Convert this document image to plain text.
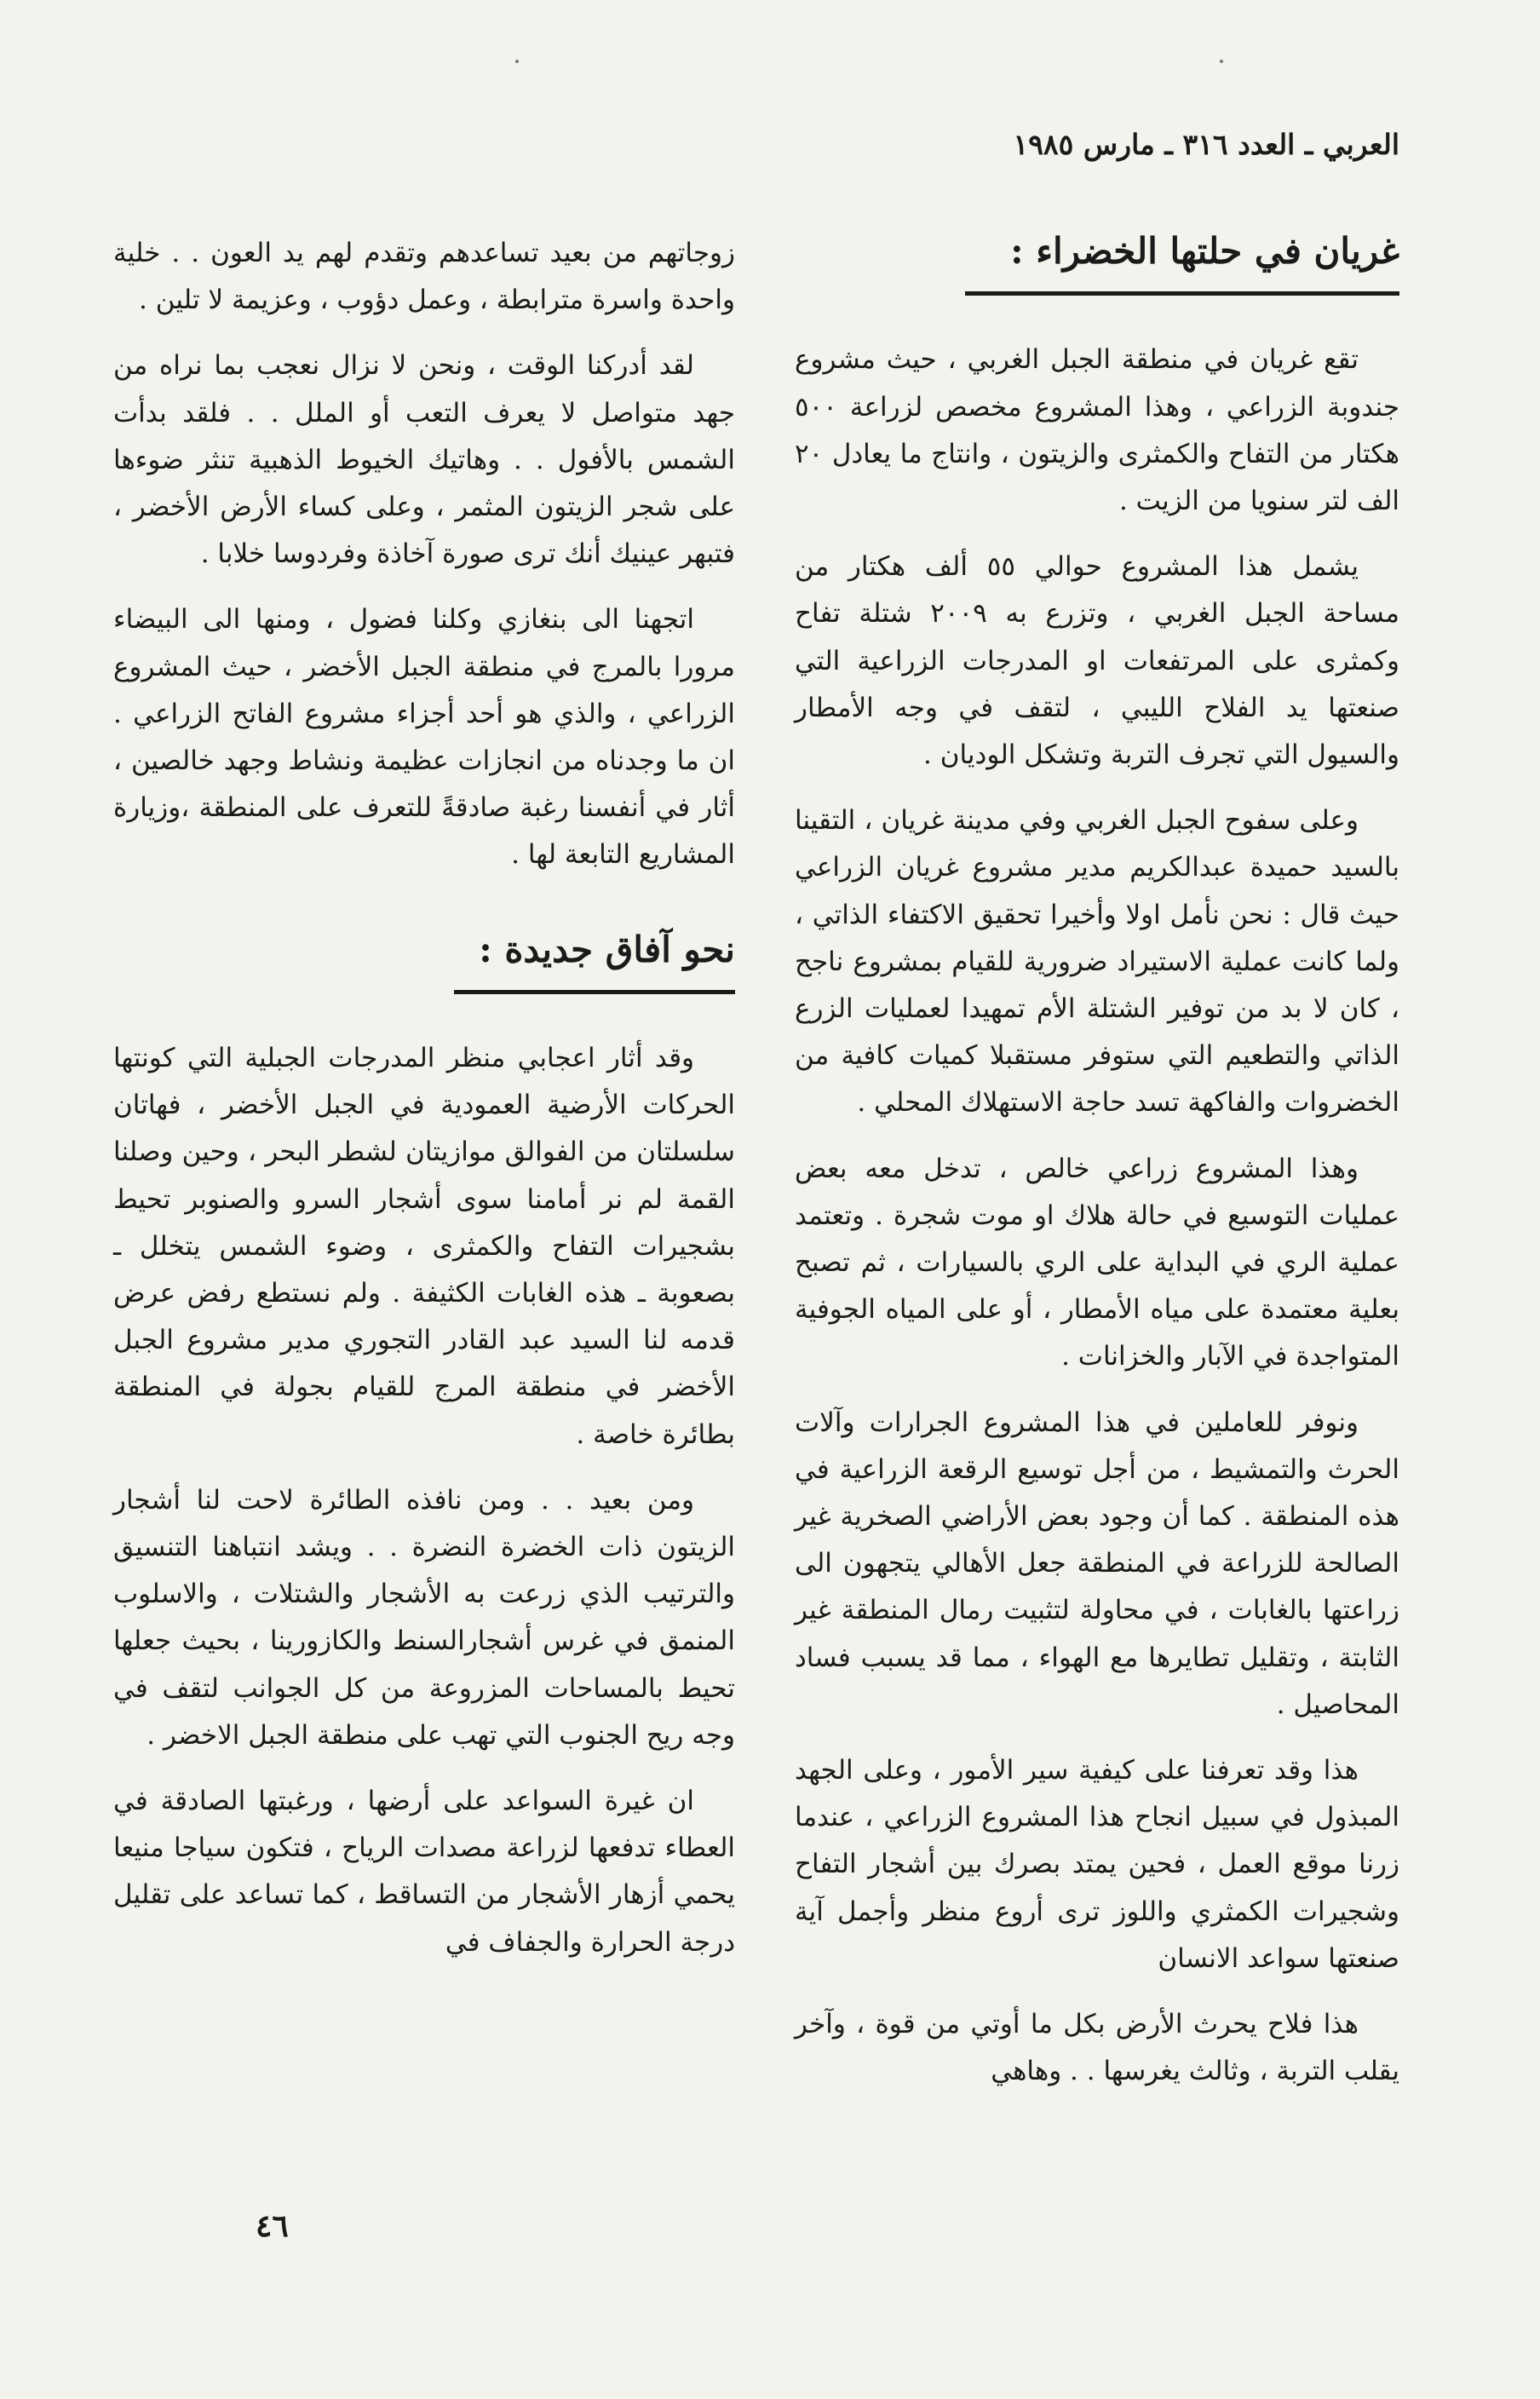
العربي ـ العدد ٣١٦ ـ مارس ١٩٨٥
غريان في حلتها الخضراء :

تقع غريان في منطقة الجبل الغربي ، حيث مشروع جندوبة الزراعي ، وهذا المشروع مخصص لزراعة ٥٠٠ هكتار من التفاح والكمثرى والزيتون ، وانتاج ما يعادل ٢٠ الف لتر سنويا من الزيت .

يشمل هذا المشروع حوالي ٥٥ ألف هكتار من مساحة الجبل الغربي ، وتزرع به ٢٠٠٩ شتلة تفاح وكمثرى على المرتفعات او المدرجات الزراعية التي صنعتها يد الفلاح الليبي ، لتقف في وجه الأمطار والسيول التي تجرف التربة وتشكل الوديان .

وعلى سفوح الجبل الغربي وفي مدينة غريان ، التقينا بالسيد حميدة عبدالكريم مدير مشروع غريان الزراعي حيث قال : نحن نأمل اولا وأخيرا تحقيق الاكتفاء الذاتي ، ولما كانت عملية الاستيراد ضرورية للقيام بمشروع ناجح ، كان لا بد من توفير الشتلة الأم تمهيدا لعمليات الزرع الذاتي والتطعيم التي ستوفر مستقبلا كميات كافية من الخضروات والفاكهة تسد حاجة الاستهلاك المحلي .

وهذا المشروع زراعي خالص ، تدخل معه بعض عمليات التوسيع في حالة هلاك او موت شجرة . وتعتمد عملية الري في البداية على الري بالسيارات ، ثم تصبح بعلية معتمدة على مياه الأمطار ، أو على المياه الجوفية المتواجدة في الآبار والخزانات .

ونوفر للعاملين في هذا المشروع الجرارات وآلات الحرث والتمشيط ، من أجل توسيع الرقعة الزراعية في هذه المنطقة . كما أن وجود بعض الأراضي الصخرية غير الصالحة للزراعة في المنطقة جعل الأهالي يتجهون الى زراعتها بالغابات ، في محاولة لتثبيت رمال المنطقة غير الثابتة ، وتقليل تطايرها مع الهواء ، مما قد يسبب فساد المحاصيل .

هذا وقد تعرفنا على كيفية سير الأمور ، وعلى الجهد المبذول في سبيل انجاح هذا المشروع الزراعي ، عندما زرنا موقع العمل ، فحين يمتد بصرك بين أشجار التفاح وشجيرات الكمثري واللوز ترى أروع منظر وأجمل آية صنعتها سواعد الانسان

هذا فلاح يحرث الأرض بكل ما أوتي من قوة ، وآخر يقلب التربة ، وثالث يغرسها . . وهاهي

زوجاتهم من بعيد تساعدهم وتقدم لهم يد العون . . خلية واحدة واسرة مترابطة ، وعمل دؤوب ، وعزيمة لا تلين .

لقد أدركنا الوقت ، ونحن لا نزال نعجب بما نراه من جهد متواصل لا يعرف التعب أو الملل . . فلقد بدأت الشمس بالأفول . . وهاتيك الخيوط الذهبية تنثر ضوءها على شجر الزيتون المثمر ، وعلى كساء الأرض الأخضر ، فتبهر عينيك أنك ترى صورة آخاذة وفردوسا خلابا .

اتجهنا الى بنغازي وكلنا فضول ، ومنها الى البيضاء مرورا بالمرج في منطقة الجبل الأخضر ، حيث المشروع الزراعي ، والذي هو أحد أجزاء مشروع الفاتح الزراعي . ان ما وجدناه من انجازات عظيمة ونشاط وجهد خالصين ، أثار في أنفسنا رغبة صادقةً للتعرف على المنطقة ،وزيارة المشاريع التابعة لها .

نحو آفاق جديدة :

وقد أثار اعجابي منظر المدرجات الجبلية التي كونتها الحركات الأرضية العمودية في الجبل الأخضر ، فهاتان سلسلتان من الفوالق موازيتان لشطر البحر ، وحين وصلنا القمة لم نر أمامنا سوى أشجار السرو والصنوبر تحيط بشجيرات التفاح والكمثرى ، وضوء الشمس يتخلل ـ بصعوبة ـ هذه الغابات الكثيفة . ولم نستطع رفض عرض قدمه لنا السيد عبد القادر التجوري مدير مشروع الجبل الأخضر في منطقة المرج للقيام بجولة في المنطقة بطائرة خاصة .

ومن بعيد . . ومن نافذه الطائرة لاحت لنا أشجار الزيتون ذات الخضرة النضرة . . ويشد انتباهنا التنسيق والترتيب الذي زرعت به الأشجار والشتلات ، والاسلوب المنمق في غرس أشجارالسنط والكازورينا ، بحيث جعلها تحيط بالمساحات المزروعة من كل الجوانب لتقف في وجه ريح الجنوب التي تهب على منطقة الجبل الاخضر .

ان غيرة السواعد على أرضها ، ورغبتها الصادقة في العطاء تدفعها لزراعة مصدات الرياح ، فتكون سياجا منيعا يحمي أزهار الأشجار من التساقط ، كما تساعد على تقليل درجة الحرارة والجفاف في

٤٦
